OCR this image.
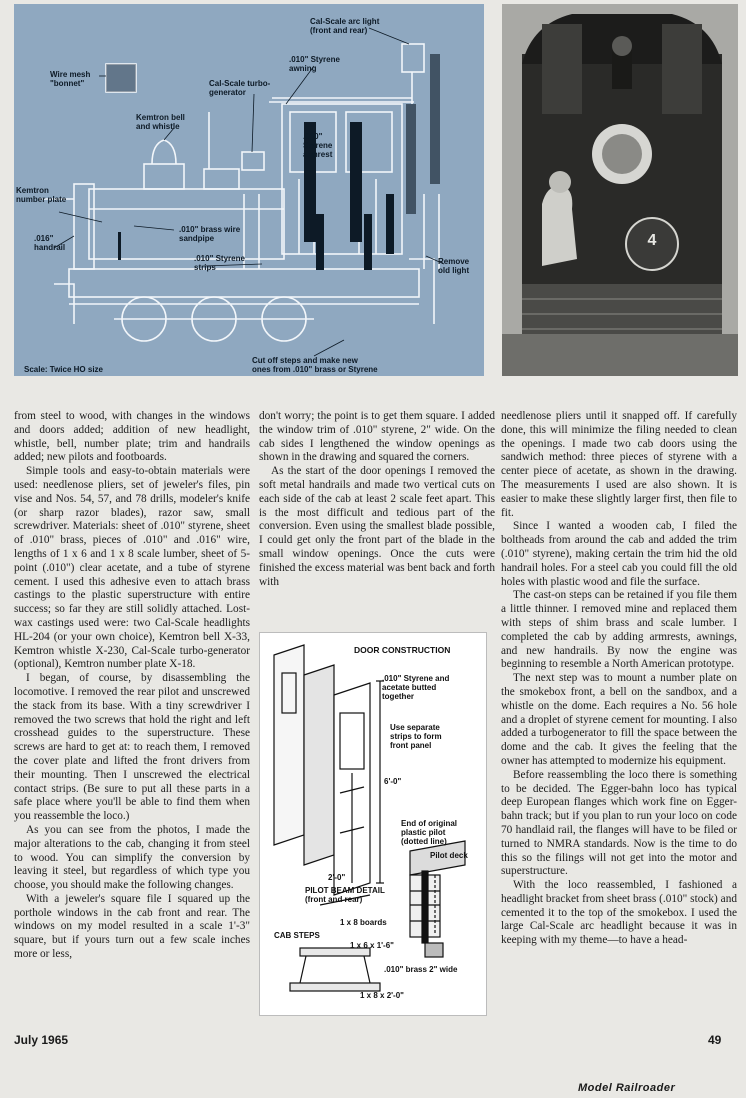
Cal-Scale arc light
(front and rear)
.010" Styrene
awning
Wire mesh
"bonnet"	Cal-Scale turbo-
generator
Kemtron bell
and whistle
.010"
Styrene
armrest
Kemtron
number plate
.016"
handrail
.010" brass wire
sandpipe
.010" Styrene
strips
Remove
old light
Cut off steps and make new
ones from .010" brass or Styrene
Scale: Twice HO size
4

from steel to wood, with changes in the windows and doors added; addition of new headlight, whistle, bell, number plate; trim and handrails added; new pilots and footboards.

Simple tools and easy-to-obtain materials were used: needlenose pliers, set of jeweler's files, pin vise and Nos. 54, 57, and 78 drills, modeler's knife (or sharp razor blades), razor saw, small screwdriver. Materials: sheet of .010" styrene, sheet of .010" brass, pieces of .010" and .016" wire, lengths of 1 x 6 and 1 x 8 scale lumber, sheet of 5-point (.010") clear acetate, and a tube of styrene cement. I used this adhesive even to attach brass castings to the plastic superstructure with entire success; so far they are still solidly attached. Lost-wax castings used were: two Cal-Scale headlights HL-204 (or your own choice), Kemtron bell X-33, Kemtron whistle X-230, Cal-Scale turbo-generator (optional), Kemtron number plate X-18.

I began, of course, by disassembling the locomotive. I removed the rear pilot and unscrewed the stack from its base. With a tiny screwdriver I removed the two screws that hold the right and left crosshead guides to the superstructure. These screws are hard to get at: to reach them, I removed the cover plate and lifted the front drivers from their mounting. Then I unscrewed the electrical contact strips. (Be sure to put all these parts in a safe place where you'll be able to find them when you reassemble the loco.)

As you can see from the photos, I made the major alterations to the cab, changing it from steel to wood. You can simplify the conversion by leaving it steel, but regardless of which type you choose, you should make the following changes.

With a jeweler's square file I squared up the porthole windows in the cab front and rear. The windows on my model resulted in a scale 1'-3" square, but if yours turn out a few scale inches more or less,

don't worry; the point is to get them square. I added the window trim of .010" styrene, 2" wide. On the cab sides I lengthened the window openings as shown in the drawing and squared the corners.

As the start of the door openings I removed the soft metal handrails and made two vertical cuts on each side of the cab at least 2 scale feet apart. This is the most difficult and tedious part of the conversion. Even using the smallest blade possible, I could get only the front part of the blade in the small window openings. Once the cuts were finished the excess material was bent back and forth with

needlenose pliers until it snapped off. If carefully done, this will minimize the filing needed to clean the openings. I made two cab doors using the sandwich method: three pieces of styrene with a center piece of acetate, as shown in the drawing. The measurements I used are also shown. It is easier to make these slightly larger first, then file to fit.

Since I wanted a wooden cab, I filed the boltheads from around the cab and added the trim (.010" styrene), making certain the trim hid the old handrail holes. For a steel cab you could fill the old holes with plastic wood and file the surface.

The cast-on steps can be retained if you file them a little thinner. I removed mine and replaced them with steps of shim brass and scale lumber. I completed the cab by adding armrests, awnings, and new handrails. By now the engine was beginning to resemble a North American prototype.

The next step was to mount a number plate on the smokebox front, a bell on the sandbox, and a whistle on the dome. Each requires a No. 56 hole and a droplet of styrene cement for mounting. I also added a turbogenerator to fill the space between the dome and the cab. It gives the feeling that the owner has attempted to modernize his equipment.

Before reassembling the loco there is something to be decided. The Egger-bahn loco has typical deep European flanges which work fine on Egger-bahn track; but if you plan to run your loco on code 70 handlaid rail, the flanges will have to be filed or turned to NMRA standards. Now is the time to do this so the filings will not get into the motor and superstructure.

With the loco reassembled, I fashioned a headlight bracket from sheet brass (.010" stock) and cemented it to the top of the smokebox. I used the large Cal-Scale arc headlight because it was in keeping with my theme—to have a head-

DOOR CONSTRUCTION
.010" Styrene and
acetate butted
together
Use separate
strips to form
front panel
6'-0"
End of original
plastic pilot
(dotted line)
Pilot deck
2'-0"
PILOT BEAM DETAIL
(front and rear)
1 x 8 boards
CAB STEPS
1 x 6 x 1'-6"
.010" brass 2" wide
1 x 8 x 2'-0"
July 1965	49
Model Railroader
